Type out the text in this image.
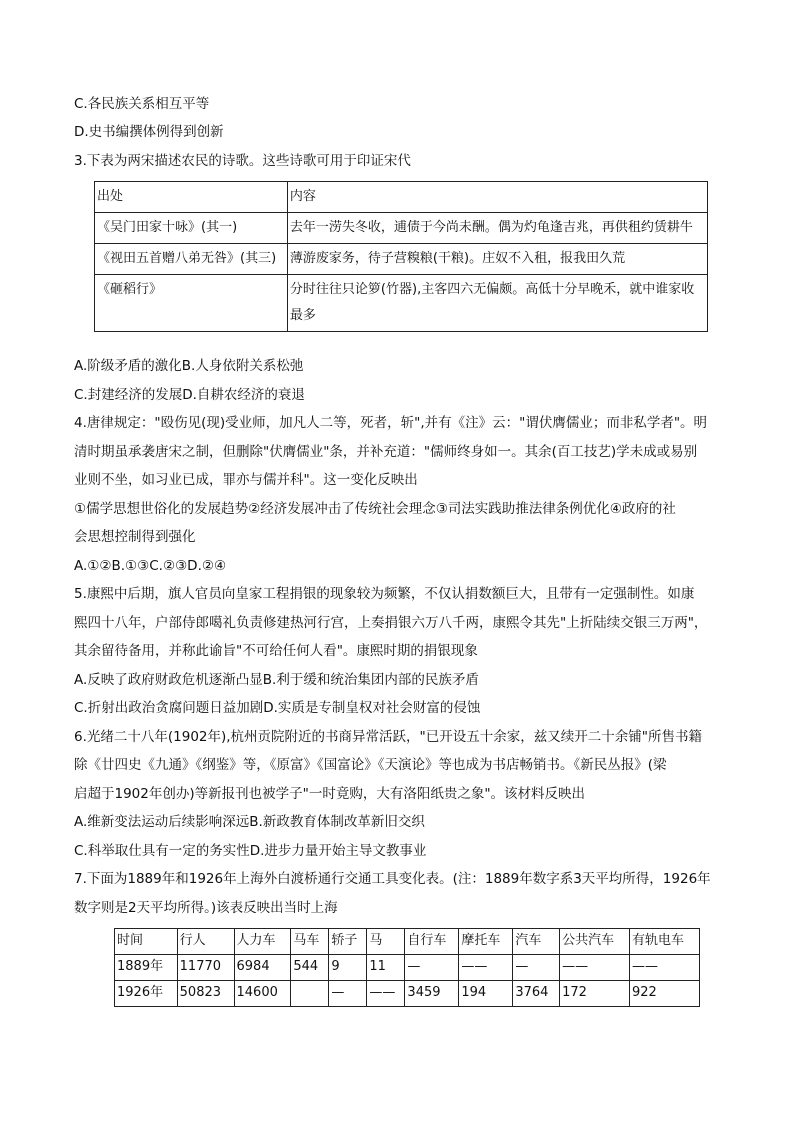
C.各民族关系相互平等
D.史书编撰体例得到创新
3.下表为两宋描述农民的诗歌。这些诗歌可用于印证宋代
出处	内容
《吴门田家十咏》(其一)	去年一涝失冬收，逋债于今尚未酬。偶为灼龟逢吉兆，再供租约赁耕牛
《视田五首赠八弟无咎》(其三)	薄游废家务，待子营糗粮(干粮)。庄奴不入租，报我田久荒
《砸稻行》	分时往往只论箩(竹器),主客四六无偏颇。高低十分早晚禾，就中谁家收最多
A.阶级矛盾的激化B.人身依附关系松弛
C.封建经济的发展D.自耕农经济的衰退
4.唐律规定："殴伤见(现)受业师，加凡人二等，死者，斩",并有《注》云："谓伏膺儒业；而非私学者"。明
清时期虽承袭唐宋之制，但删除"伏膺儒业"条，并补充道："儒师终身如一。其余(百工技艺)学未成或易别
业则不坐，如习业已成，罪亦与儒并科"。这一变化反映出
①儒学思想世俗化的发展趋势②经济发展冲击了传统社会理念③司法实践助推法律条例优化④政府的社
会思想控制得到强化
A.①②B.①③C.②③D.②④
5.康熙中后期，旗人官员向皇家工程捐银的现象较为频繁，不仅认捐数额巨大，且带有一定强制性。如康
熙四十八年，户部侍郎噶礼负责修建热河行宫，上奏捐银六万八千两，康熙令其先"上折陆续交银三万两"，
其余留待备用，并称此谕旨"不可给任何人看"。康熙时期的捐银现象
A.反映了政府财政危机逐渐凸显B.利于缓和统治集团内部的民族矛盾
C.折射出政治贪腐问题日益加剧D.实质是专制皇权对社会财富的侵蚀
6.光绪二十八年(1902年),杭州贡院附近的书商异常活跃，"已开设五十余家，兹又续开二十余铺"所售书籍
除《廿四史《九通》《纲鉴》等，《原富》《国富论》《天演论》等也成为书店畅销书。《新民丛报》(梁
启超于1902年创办)等新报刊也被学子"一时竟购，大有洛阳纸贵之象"。该材料反映出
A.维新变法运动后续影响深远B.新政教育体制改革新旧交织
C.科举取仕具有一定的务实性D.进步力量开始主导文教事业
7.下面为1889年和1926年上海外白渡桥通行交通工具变化表。(注：1889年数字系3天平均所得，1926年
数字则是2天平均所得。)该表反映出当时上海
时间	行人	人力车	马车	轿子	马	自行车	摩托车	汽车	公共汽车	有轨电车
1889年	11770	6984	544	9	11	—	——	—	——	——
1926年	50823	14600		—	——	3459	194	3764	172	922
